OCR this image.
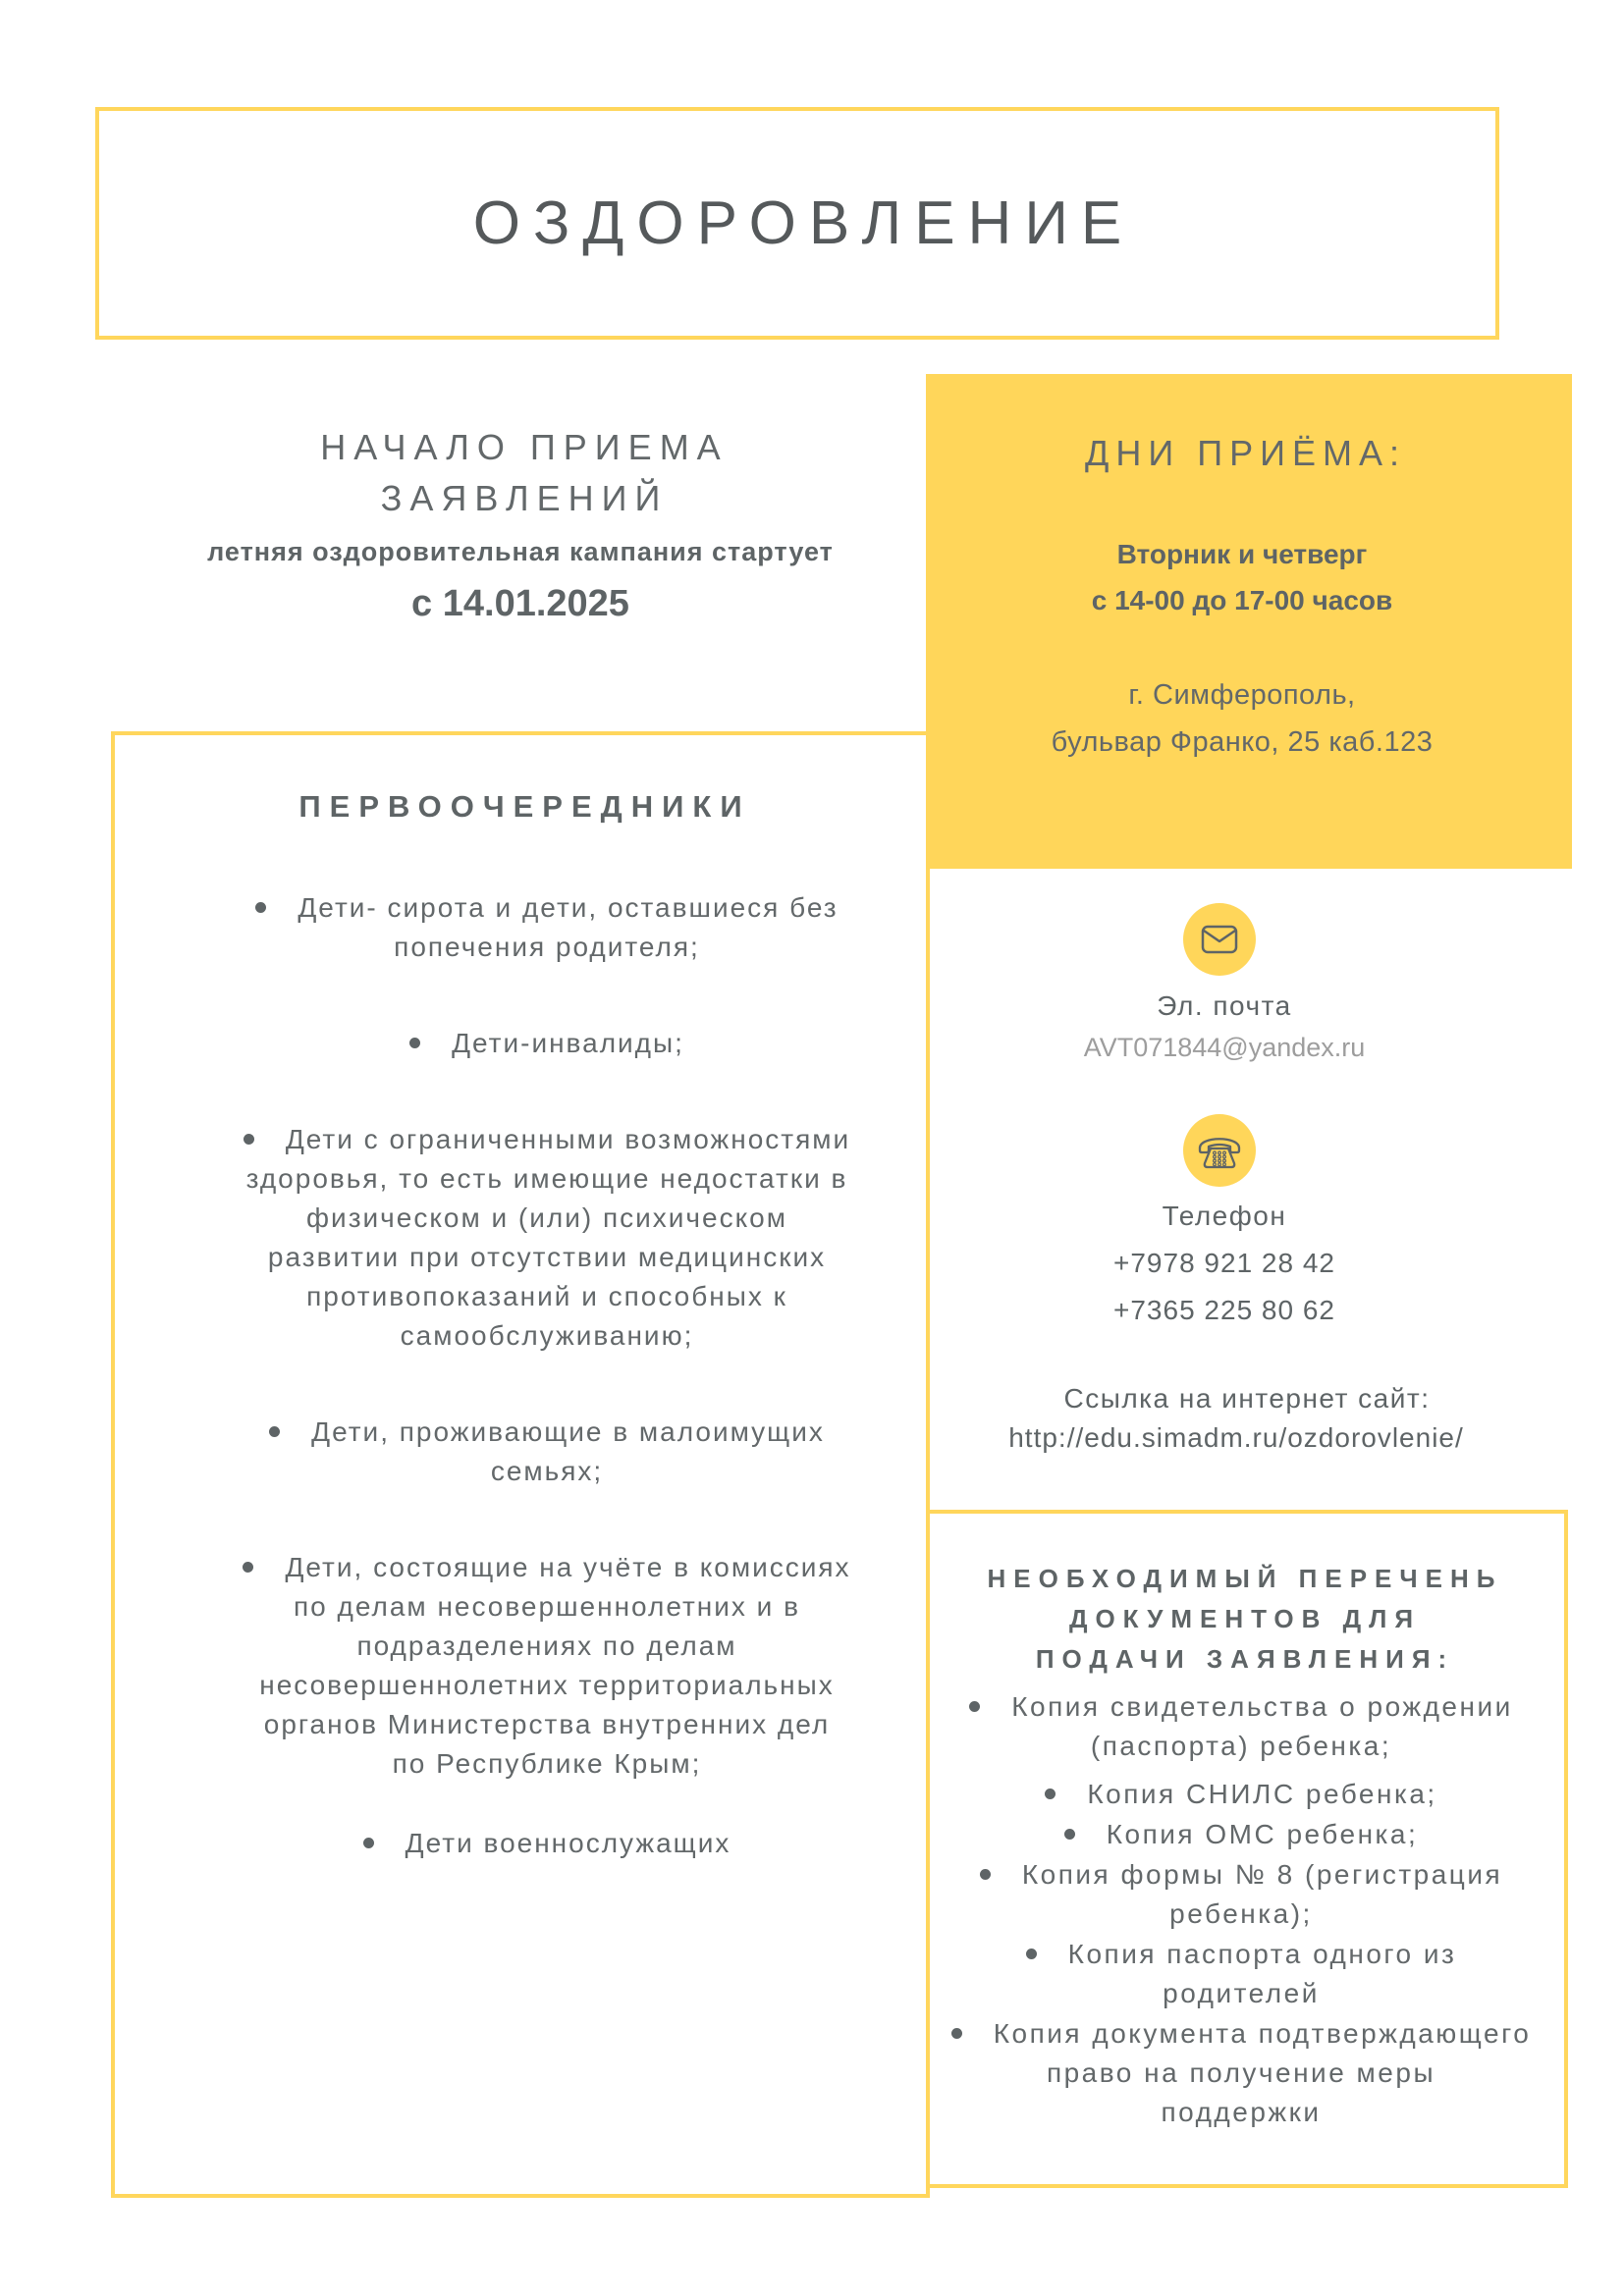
ОЗДОРОВЛЕНИЕ
НАЧАЛО ПРИЕМА
ЗАЯВЛЕНИЙ
летняя оздоровительная кампания стартует
с 14.01.2025
ДНИ ПРИЁМА:
Вторник и четверг
с 14-00 до 17-00 часов
г. Симферополь,
бульвар Франко, 25 каб.123
ПЕРВООЧЕРЕДНИКИ
Дети- сирота и дети, оставшиеся без
попечения родителя;
Дети-инвалиды;
Дети с ограниченными возможностями
здоровья, то есть имеющие недостатки в
физическом и (или) психическом
развитии при отсутствии медицинских
противопоказаний и способных к
самообслуживанию;
Дети, проживающие в малоимущих
семьях;
Дети, состоящие на учёте в комиссиях
по делам несовершеннолетних и в
подразделениях по делам
несовершеннолетних территориальных
органов Министерства внутренних дел
по Республике Крым;
Дети военнослужащих
Эл. почта
AVT071844@yandex.ru
Телефон
+7978 921 28 42
+7365 225 80 62
Ссылка на интернет сайт:
http://edu.simadm.ru/ozdorovlenie/
НЕОБХОДИМЫЙ ПЕРЕЧЕНЬ
ДОКУМЕНТОВ ДЛЯ
ПОДАЧИ ЗАЯВЛЕНИЯ:
Копия свидетельства о рождении
(паспорта) ребенка;
Копия СНИЛС ребенка;
Копия ОМС ребенка;
Копия формы № 8 (регистрация
ребенка);
Копия паспорта одного из
родителей
Копия документа подтверждающего
право на получение меры
поддержки
